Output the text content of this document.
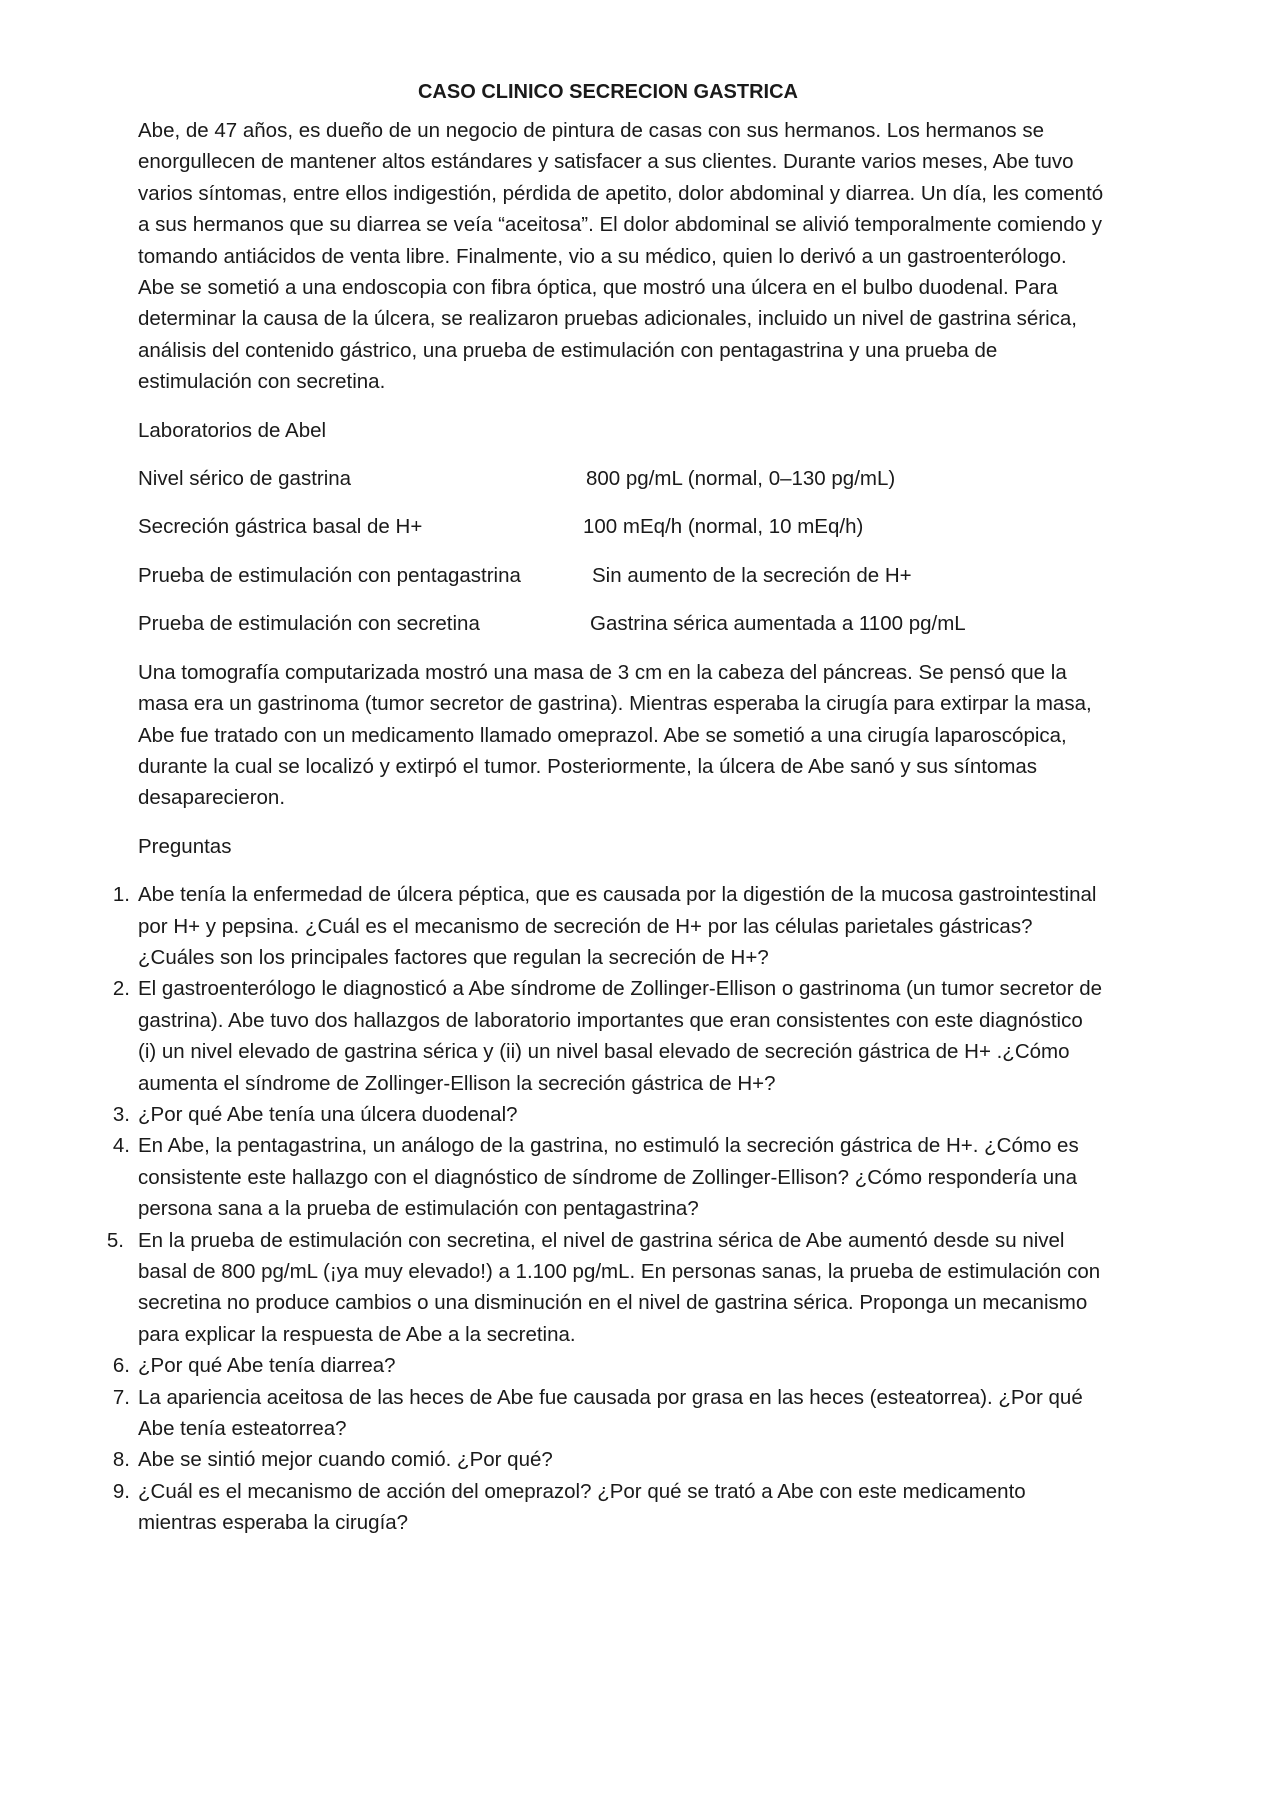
CASO CLINICO SECRECION GASTRICA

Abe, de 47 años, es dueño de un negocio de pintura de casas con sus hermanos. Los hermanos se enorgullecen de mantener altos estándares y satisfacer a sus clientes. Durante varios meses, Abe tuvo varios síntomas, entre ellos indigestión, pérdida de apetito, dolor abdominal y diarrea. Un día, les comentó a sus hermanos que su diarrea se veía “aceitosa”. El dolor abdominal se alivió temporalmente comiendo y tomando antiácidos de venta libre. Finalmente, vio a su médico, quien lo derivó a un gastroenterólogo. Abe se sometió a una endoscopia con fibra óptica, que mostró una úlcera en el bulbo duodenal. Para determinar la causa de la úlcera, se realizaron pruebas adicionales, incluido un nivel de gastrina sérica, análisis del contenido gástrico, una prueba de estimulación con pentagastrina y una prueba de estimulación con secretina.

Laboratorios de Abel

Nivel sérico de gastrina	800 pg/mL (normal, 0–130 pg/mL)
Secreción gástrica basal de H+	100 mEq/h (normal, 10 mEq/h)
Prueba de estimulación con pentagastrina	Sin aumento de la secreción de H+
Prueba de estimulación con secretina	Gastrina sérica aumentada a 1100 pg/mL

Una tomografía computarizada mostró una masa de 3 cm en la cabeza del páncreas. Se pensó que la masa era un gastrinoma (tumor secretor de gastrina). Mientras esperaba la cirugía para extirpar la masa, Abe fue tratado con un medicamento llamado omeprazol. Abe se sometió a una cirugía laparoscópica, durante la cual se localizó y extirpó el tumor. Posteriormente, la úlcera de Abe sanó y sus síntomas desaparecieron.

Preguntas

1. Abe tenía la enfermedad de úlcera péptica, que es causada por la digestión de la mucosa gastrointestinal por H+ y pepsina. ¿Cuál es el mecanismo de secreción de H+ por las células parietales gástricas? ¿Cuáles son los principales factores que regulan la secreción de H+?
2. El gastroenterólogo le diagnosticó a Abe síndrome de Zollinger-Ellison o gastrinoma (un tumor secretor de gastrina). Abe tuvo dos hallazgos de laboratorio importantes que eran consistentes con este diagnóstico (i) un nivel elevado de gastrina sérica y (ii) un nivel basal elevado de secreción gástrica de H+ .¿Cómo aumenta el síndrome de Zollinger-Ellison la secreción gástrica de H+?
3. ¿Por qué Abe tenía una úlcera duodenal?
4. En Abe, la pentagastrina, un análogo de la gastrina, no estimuló la secreción gástrica de H+. ¿Cómo es consistente este hallazgo con el diagnóstico de síndrome de Zollinger-Ellison? ¿Cómo respondería una persona sana a la prueba de estimulación con pentagastrina?
5. En la prueba de estimulación con secretina, el nivel de gastrina sérica de Abe aumentó desde su nivel basal de 800 pg/mL (¡ya muy elevado!) a 1.100 pg/mL. En personas sanas, la prueba de estimulación con secretina no produce cambios o una disminución en el nivel de gastrina sérica. Proponga un mecanismo para explicar la respuesta de Abe a la secretina.
6. ¿Por qué Abe tenía diarrea?
7. La apariencia aceitosa de las heces de Abe fue causada por grasa en las heces (esteatorrea). ¿Por qué Abe tenía esteatorrea?
8. Abe se sintió mejor cuando comió. ¿Por qué?
9. ¿Cuál es el mecanismo de acción del omeprazol? ¿Por qué se trató a Abe con este medicamento mientras esperaba la cirugía?
